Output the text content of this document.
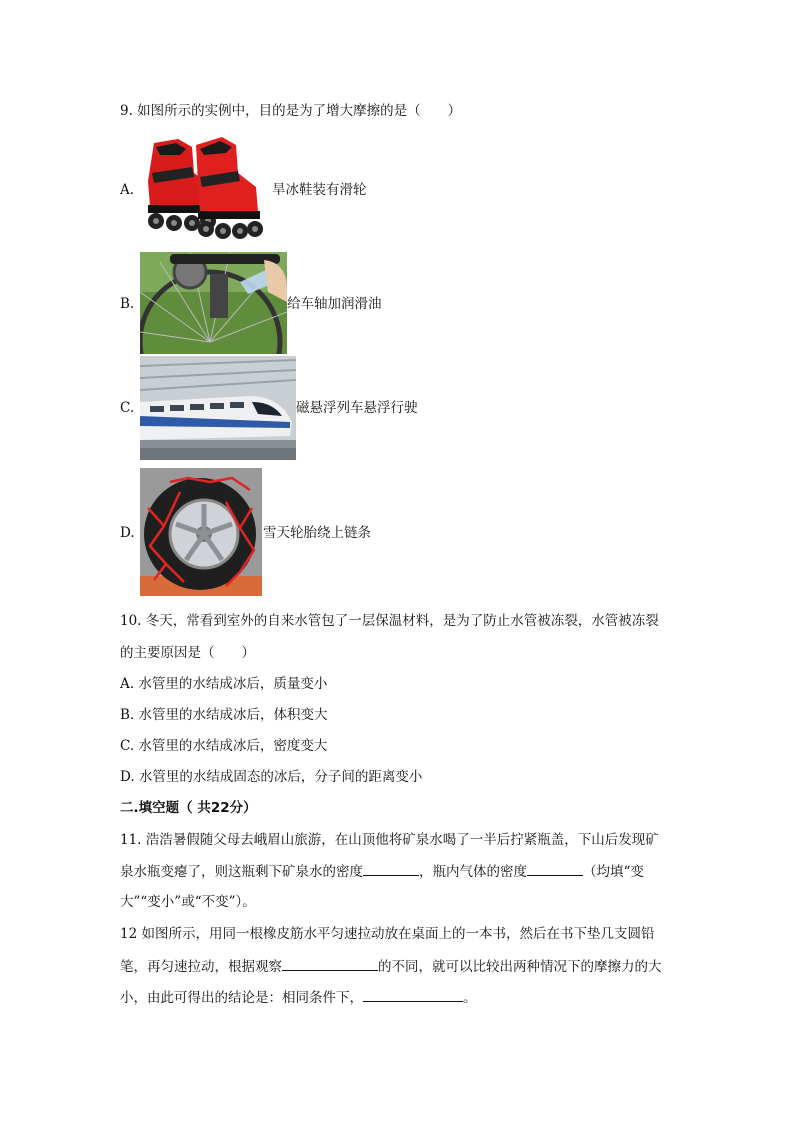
9. 如图所示的实例中，目的是为了增大摩擦的是（　　）
A.	旱冰鞋装有滑轮
B.	给车轴加润滑油
C.	磁悬浮列车悬浮行驶
D.	雪天轮胎绕上链条
10. 冬天，常看到室外的自来水管包了一层保温材料，是为了防止水管被冻裂，水管被冻裂
的主要原因是（　　）
A. 水管里的水结成冰后，质量变小
B. 水管里的水结成冰后，体积变大
C. 水管里的水结成冰后，密度变大
D. 水管里的水结成固态的冰后，分子间的距离变小
二.填空题（ 共22分）
11. 浩浩暑假随父母去峨眉山旅游，在山顶他将矿泉水喝了一半后拧紧瓶盖，下山后发现矿
泉水瓶变瘪了，则这瓶剩下矿泉水的密度	，瓶内气体的密度	（均填“变
大”“变小”或“不变”）。
12 如图所示，用同一根橡皮筋水平匀速拉动放在桌面上的一本书，然后在书下垫几支圆铅
笔，再匀速拉动，根据观察	的不同，就可以比较出两种情况下的摩擦力的大
小，由此可得出的结论是：相同条件下，	。
